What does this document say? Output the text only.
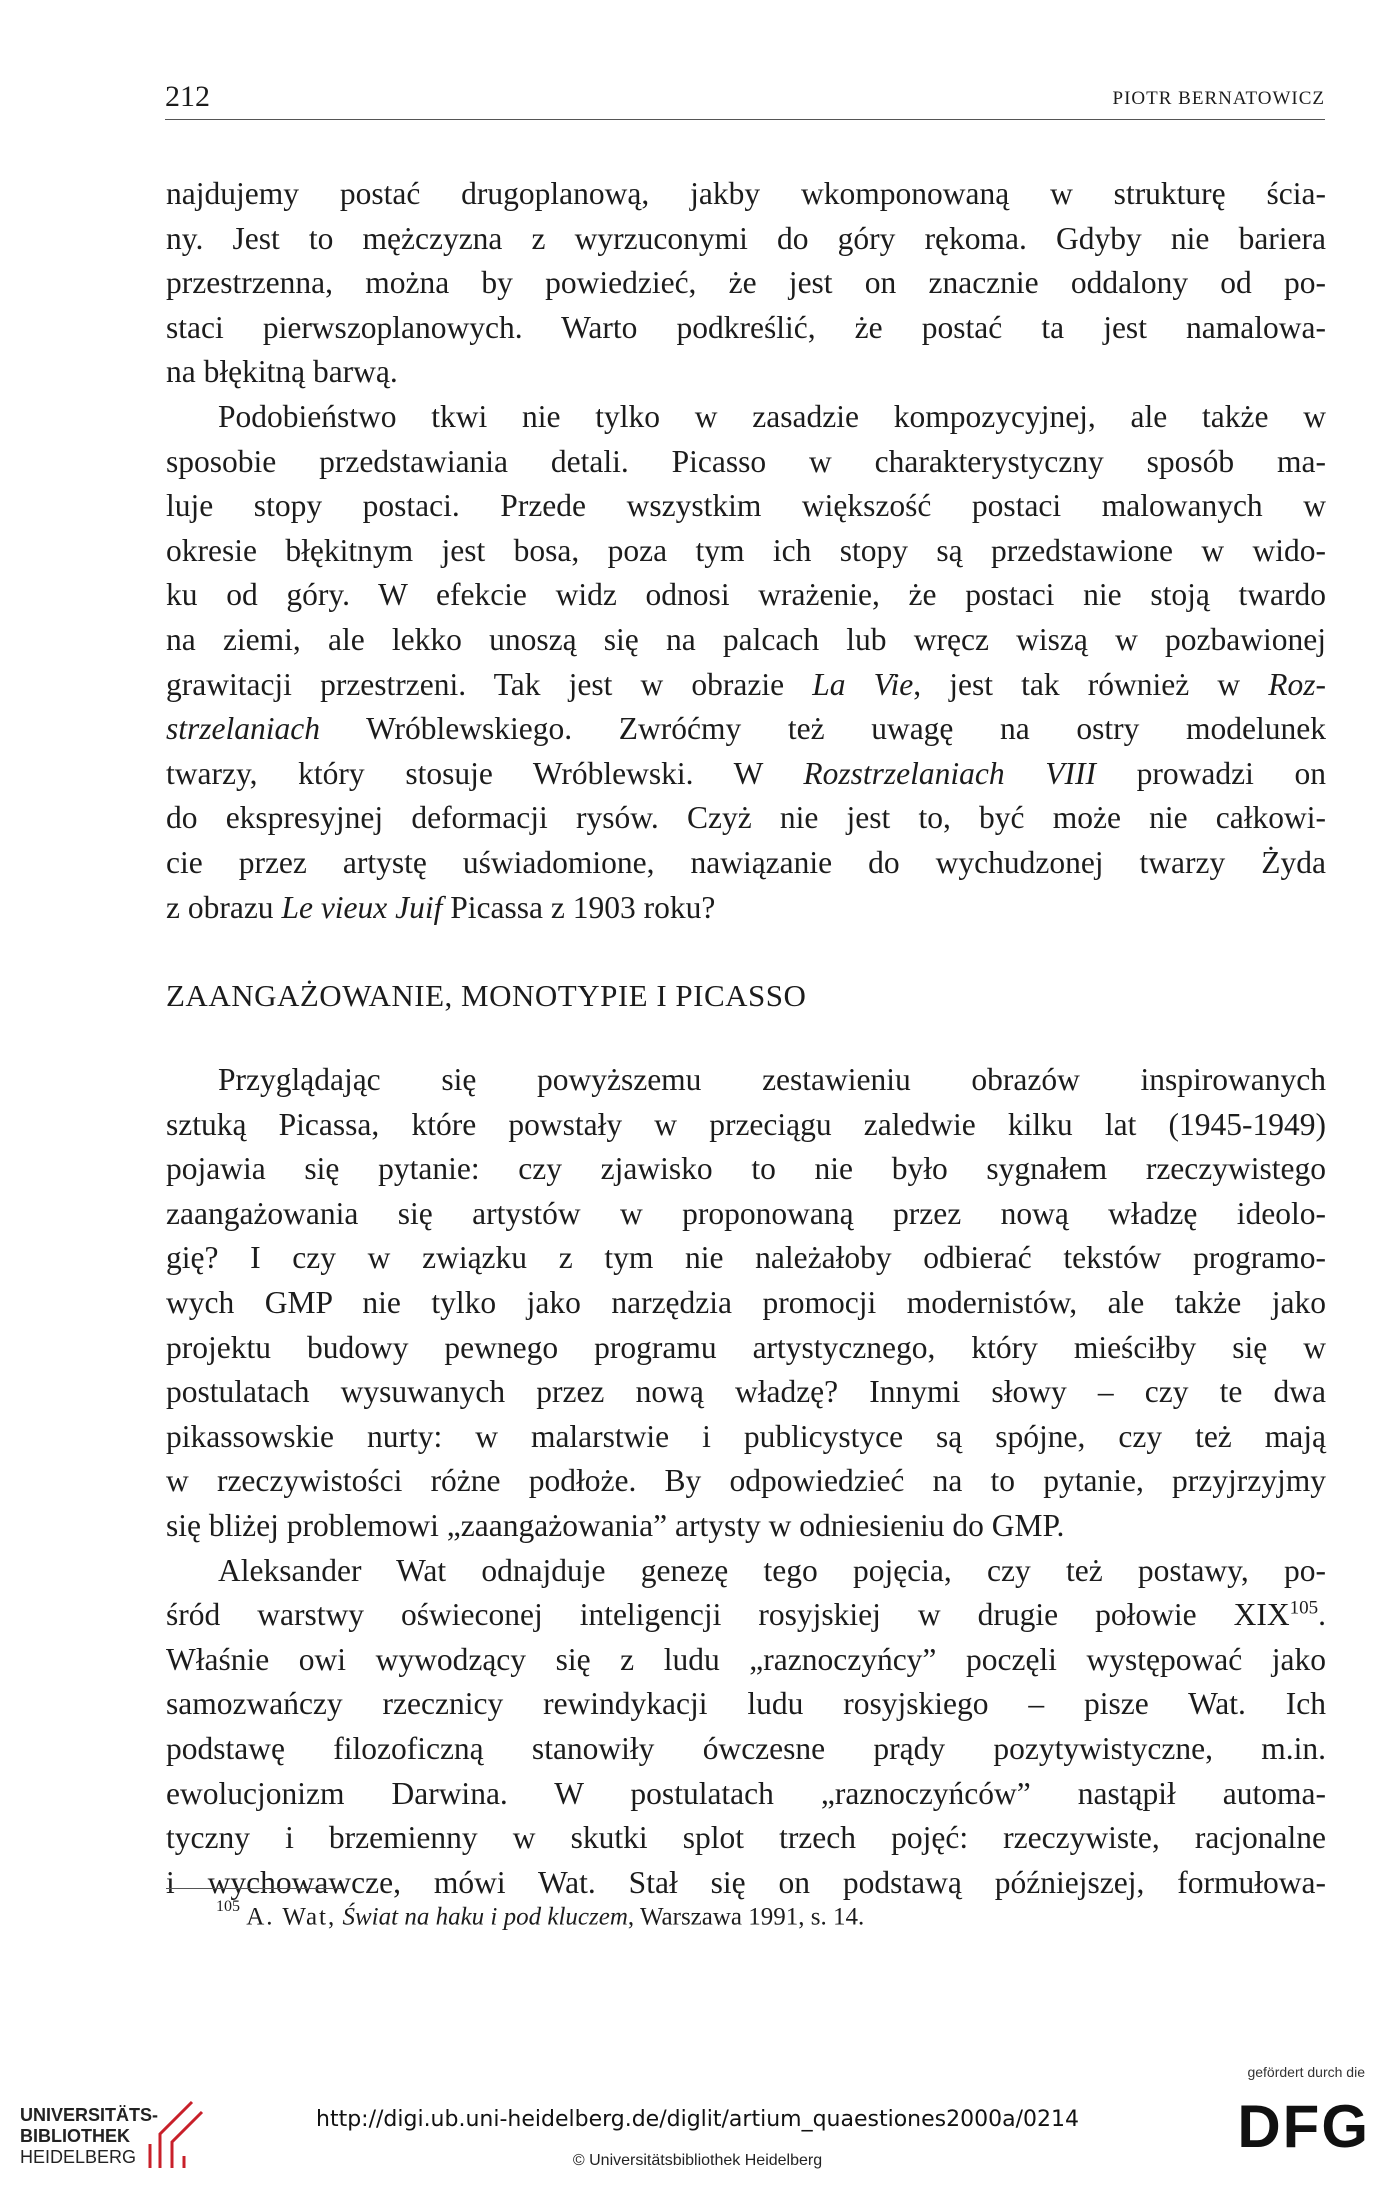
212	PIOTR BERNATOWICZ

najdujemy postać drugoplanową, jakby wkomponowaną w strukturę ścia-
ny. Jest to mężczyzna z wyrzuconymi do góry rękoma. Gdyby nie bariera
przestrzenna, można by powiedzieć, że jest on znacznie oddalony od po-
staci pierwszoplanowych. Warto podkreślić, że postać ta jest namalowa-
na błękitną barwą.

Podobieństwo tkwi nie tylko w zasadzie kompozycyjnej, ale także w
sposobie przedstawiania detali. Picasso w charakterystyczny sposób ma-
luje stopy postaci. Przede wszystkim większość postaci malowanych w
okresie błękitnym jest bosa, poza tym ich stopy są przedstawione w wido-
ku od góry. W efekcie widz odnosi wrażenie, że postaci nie stoją twardo
na ziemi, ale lekko unoszą się na palcach lub wręcz wiszą w pozbawionej
grawitacji przestrzeni. Tak jest w obrazie La Vie, jest tak również w Roz-
strzelaniach Wróblewskiego. Zwróćmy też uwagę na ostry modelunek
twarzy, który stosuje Wróblewski. W Rozstrzelaniach VIII prowadzi on
do ekspresyjnej deformacji rysów. Czyż nie jest to, być może nie całkowi-
cie przez artystę uświadomione, nawiązanie do wychudzonej twarzy Żyda
z obrazu Le vieux Juif Picassa z 1903 roku?

ZAANGAŻOWANIE, MONOTYPIE I PICASSO

Przyglądając się powyższemu zestawieniu obrazów inspirowanych
sztuką Picassa, które powstały w przeciągu zaledwie kilku lat (1945-1949)
pojawia się pytanie: czy zjawisko to nie było sygnałem rzeczywistego
zaangażowania się artystów w proponowaną przez nową władzę ideolo-
gię? I czy w związku z tym nie należałoby odbierać tekstów programo-
wych GMP nie tylko jako narzędzia promocji modernistów, ale także jako
projektu budowy pewnego programu artystycznego, który mieściłby się w
postulatach wysuwanych przez nową władzę? Innymi słowy – czy te dwa
pikassowskie nurty: w malarstwie i publicystyce są spójne, czy też mają
w rzeczywistości różne podłoże. By odpowiedzieć na to pytanie, przyjrzyjmy
się bliżej problemowi „zaangażowania” artysty w odniesieniu do GMP.

Aleksander Wat odnajduje genezę tego pojęcia, czy też postawy, po-
śród warstwy oświeconej inteligencji rosyjskiej w drugie połowie XIX$^{105}$.
Właśnie owi wywodzący się z ludu „raznoczyńcy” poczęli występować jako
samozwańczy rzecznicy rewindykacji ludu rosyjskiego – pisze Wat. Ich
podstawę filozoficzną stanowiły ówczesne prądy pozytywistyczne, m.in.
ewolucjonizm Darwina. W postulatach „raznoczyńców” nastąpił automa-
tyczny i brzemienny w skutki splot trzech pojęć: rzeczywiste, racjonalne
i wychowawcze, mówi Wat. Stał się on podstawą późniejszej, formułowa-

$^{105}$ A. Wat, Świat na haku i pod kluczem, Warszawa 1991, s. 14.
UNIVERSITÄTS-
BIBLIOTHEK
HEIDELBERG
http://digi.ub.uni-heidelberg.de/diglit/artium_quaestiones2000a/0214
© Universitätsbibliothek Heidelberg
gefördert durch die
DFG
